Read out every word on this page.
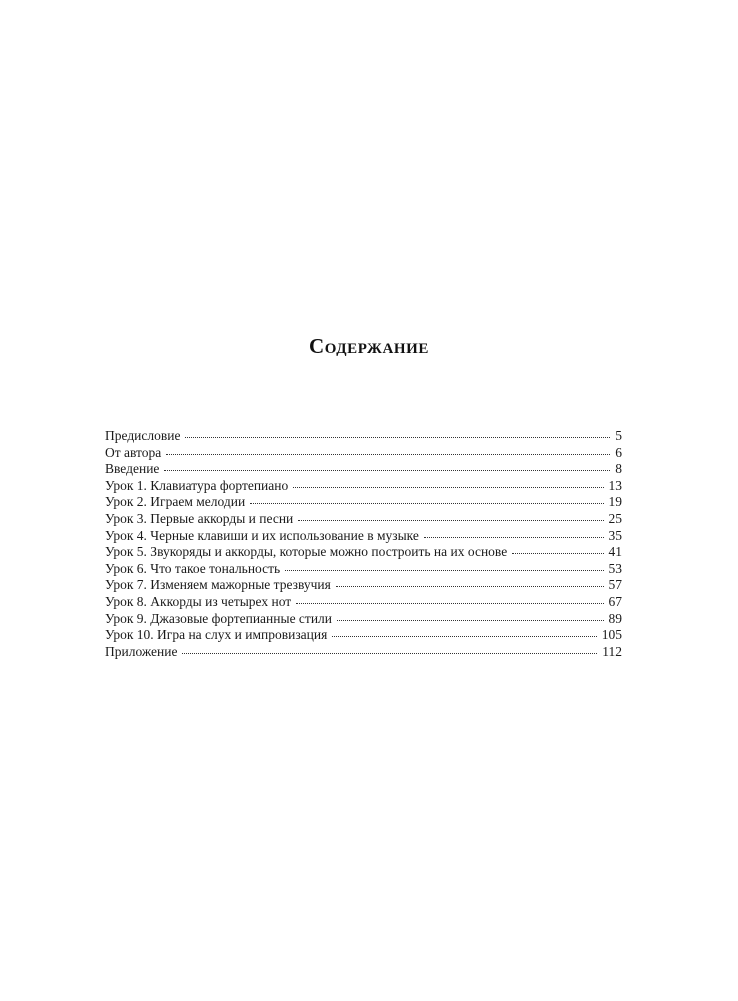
Содержание
Предисловие	5
От автора	6
Введение	8
Урок 1. Клавиатура фортепиано	13
Урок 2. Играем мелодии	19
Урок 3. Первые аккорды и песни	25
Урок 4. Черные клавиши и их использование в музыке	35
Урок 5. Звукоряды и аккорды, которые можно построить на их основе	41
Урок 6. Что такое тональность	53
Урок 7. Изменяем мажорные трезвучия	57
Урок 8. Аккорды из четырех нот	67
Урок 9. Джазовые фортепианные стили	89
Урок 10. Игра на слух и импровизация	105
Приложение	112
